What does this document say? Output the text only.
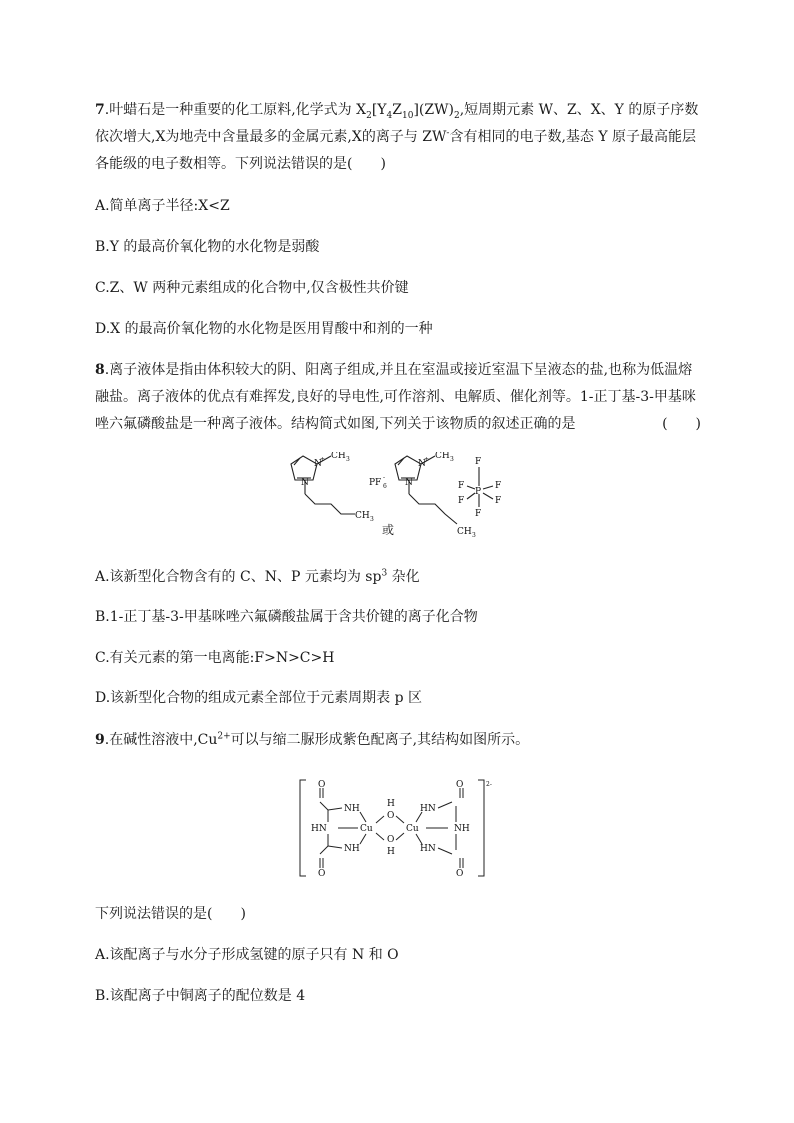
7.叶蜡石是一种重要的化工原料,化学式为 $X_2[Y_4Z_{10}](ZW)_2$,短周期元素 W、Z、X、Y 的原子序数依次增大,X为地壳中含量最多的金属元素,X的离子与 ZW-含有相同的电子数,基态 Y 原子最高能层各能级的电子数相等。下列说法错误的是(　　)

A.简单离子半径:X<Z

B.Y 的最高价氧化物的水化物是弱酸

C.Z、W 两种元素组成的化合物中,仅含极性共价键

D.X 的最高价氧化物的水化物是医用胃酸中和剂的一种

8.离子液体是指由体积较大的阴、阳离子组成,并且在室温或接近室温下呈液态的盐,也称为低温熔融盐。离子液体的优点有难挥发,良好的导电性,可作溶剂、电解质、催化剂等。1-正丁基-3-甲基咪唑六氟磷酸盐是一种离子液体。结构简式如图,下列关于该物质的叙述正确的是	(　　)

N
+ CH 3
N
CH 3
PF
-
6
N
+ CH 3
N
CH 3
F
F	F
P
F	F
F
或

A.该新型化合物含有的 C、N、P 元素均为 $sp^3$ 杂化

B.1-正丁基-3-甲基咪唑六氟磷酸盐属于含共价键的离子化合物

C.有关元素的第一电离能:F>N>C>H

D.该新型化合物的组成元素全部位于元素周期表 p 区

9.在碱性溶液中$,Cu^{2+}$可以与缩二脲形成紫色配离子,其结构如图所示。

O
O
HN
NH
NH
Cu
H
O
O
H
Cu
HN
HN
O
O
NH
2-

下列说法错误的是(　　)

A.该配离子与水分子形成氢键的原子只有 N 和 O

B.该配离子中铜离子的配位数是 4
